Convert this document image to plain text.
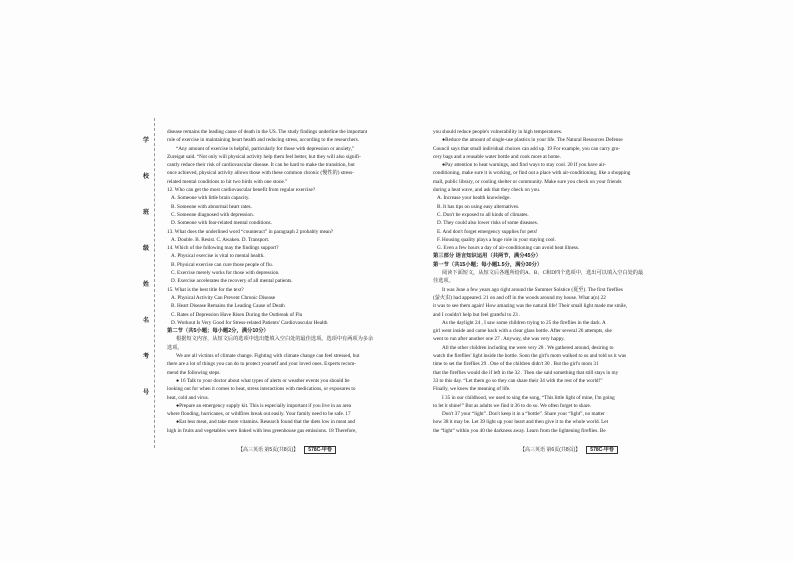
学
校
班
级
姓
名
考
号

disease remains the leading cause of death in the US. The study findings underline the important

role of exercise in maintaining heart health and reducing stress, according to the researchers.

“Any amount of exercise is helpful, particularly for those with depression or anxiety,”

Zureigat said. “Not only will physical activity help them feel better, but they will also signifi-

cantly reduce their risk of cardiovascular disease. It can be hard to make the transition, but

once achieved, physical activity allows those with these common chronic (慢性的) stress-

related mental conditions to hit two birds with one stone.”

12. Who can get the most cardiovascular benefit from regular exercise?

A. Someone with little brain capacity.

B. Someone with abnormal heart rates.

C. Someone diagnosed with depression.

D. Someone with fear-related mental conditions.

13. What does the underlined word “counteract” in paragraph 2 probably mean?

A. Double. B. Resist. C. Awaken. D. Transport.

14. Which of the following may the findings support?

A. Physical exercise is vital to mental health.

B. Physical exercise can cure those people of flu.

C. Exercise merely works for those with depression.

D. Exercise accelerates the recovery of all mental patients.

15. What is the best title for the text?

A. Physical Activity Can Prevent Chronic Disease

B. Heart Disease Remains the Leading Cause of Death

C. Rates of Depression Have Risen During the Outbreak of Flu

D. Workout Is Very Good for Stress-related Patients' Cardiovascular Health

第二节（共5小题；每小题2分，满分10分）

根据短文内容，从短文后的选项中选出能填入空白处的最佳选项。选项中有两项为多余

选项。

We are all victims of climate change. Fighting with climate change can feel stressed, but

there are a lot of things you can do to protect yourself and your loved ones. Experts recom-

mend the following steps.

● 16 Talk to your doctor about what types of alerts or weather events you should be

looking out for when it comes to heat, stress interactions with medications, or exposures to

heat, cold and virus.

●Prepare an emergency supply kit. This is especially important if you live in an area

where flooding, hurricanes, or wildfires break out easily. Your family need to be safe. 17

●Eat less meat, and take more vitamins. Research found that the diets low in meat and

high in fruits and vegetables were linked with less greenhouse gas emissions. 18 Therefore,

you should reduce people's vulnerability in high temperatures.

●Reduce the amount of single-use plastics in your life. The Natural Resources Defense

Council says that small individual choices can add up. 19 For example, you can carry gro-

cery bags and a reusable water bottle and cook more at home.

●Pay attention to heat warnings, and find ways to stay cool. 20 If you have air-

conditioning, make sure it is working, or find out a place with air-conditioning, like a shopping

mall, public library, or cooling shelter or community. Make sure you check on your friends

during a heat wave, and ask that they check on you.

A. Increase your health knowledge.

B. It has tips on using easy alternatives.

C. Don't be exposed to all kinds of climates.

D. They could also lower risks of some diseases.

E. And don't forget emergency supplies for pets!

F. Housing quality plays a huge role in your staying cool.

G. Even a few hours a day of air-conditioning can avoid heat illness.

第三部分 语言知识运用（共两节，满分45分）

第一节（共15小题；每小题1.5分，满分30分）

阅读下面短文，从短文后各题所给的A、B、C和D四个选项中，选出可以填入空白处的最

佳选项。

It was June a few years ago right around the Summer Solstice (夏至). The first fireflies

(萤火虫) had appeared. 21 on and off in the woods around my house. What a(n) 22

it was to see them again! How amazing was the natural life! Their small light made me smile,

and I couldn't help but feel grateful to 23 .

As the daylight 24 , I saw some children trying to 25 the fireflies in the dark. A

girl went inside and came back with a clear glass bottle. After several 26 attempts, she

went to run after another one 27 . Anyway, she was very happy.

All the other children including me were very 28 . We gathered around, desiring to

watch the fireflies' light inside the bottle. Soon the girl's mom walked to us and told us it was

time to set the fireflies 29 . One of the children didn't 30 . But the girl's mom 31

that the fireflies would die if left in the 32 . Then she said something that still stays in my

33 to this day. “Let them go so they can share their 34 with the rest of the world!”

Finally, we knew the meaning of life.

I 35 in our childhood, we used to sing the song, “This little light of mine, I'm going

to let it shine!” But as adults we find it 36 to do so. We often forget to share.

Don't 37 your “light”. Don't keep it in a “bottle”. Share your “light”, no matter

how 38 it may be. Let 39 light up your heart and then give it to the whole world. Let

the “light” within you 40 the darkness away. Learn from the lightening fireflies. Be

【高三英语 第5页(共8页)】 578C-甲卷	【高三英语 第6页(共8页)】 578C-甲卷
